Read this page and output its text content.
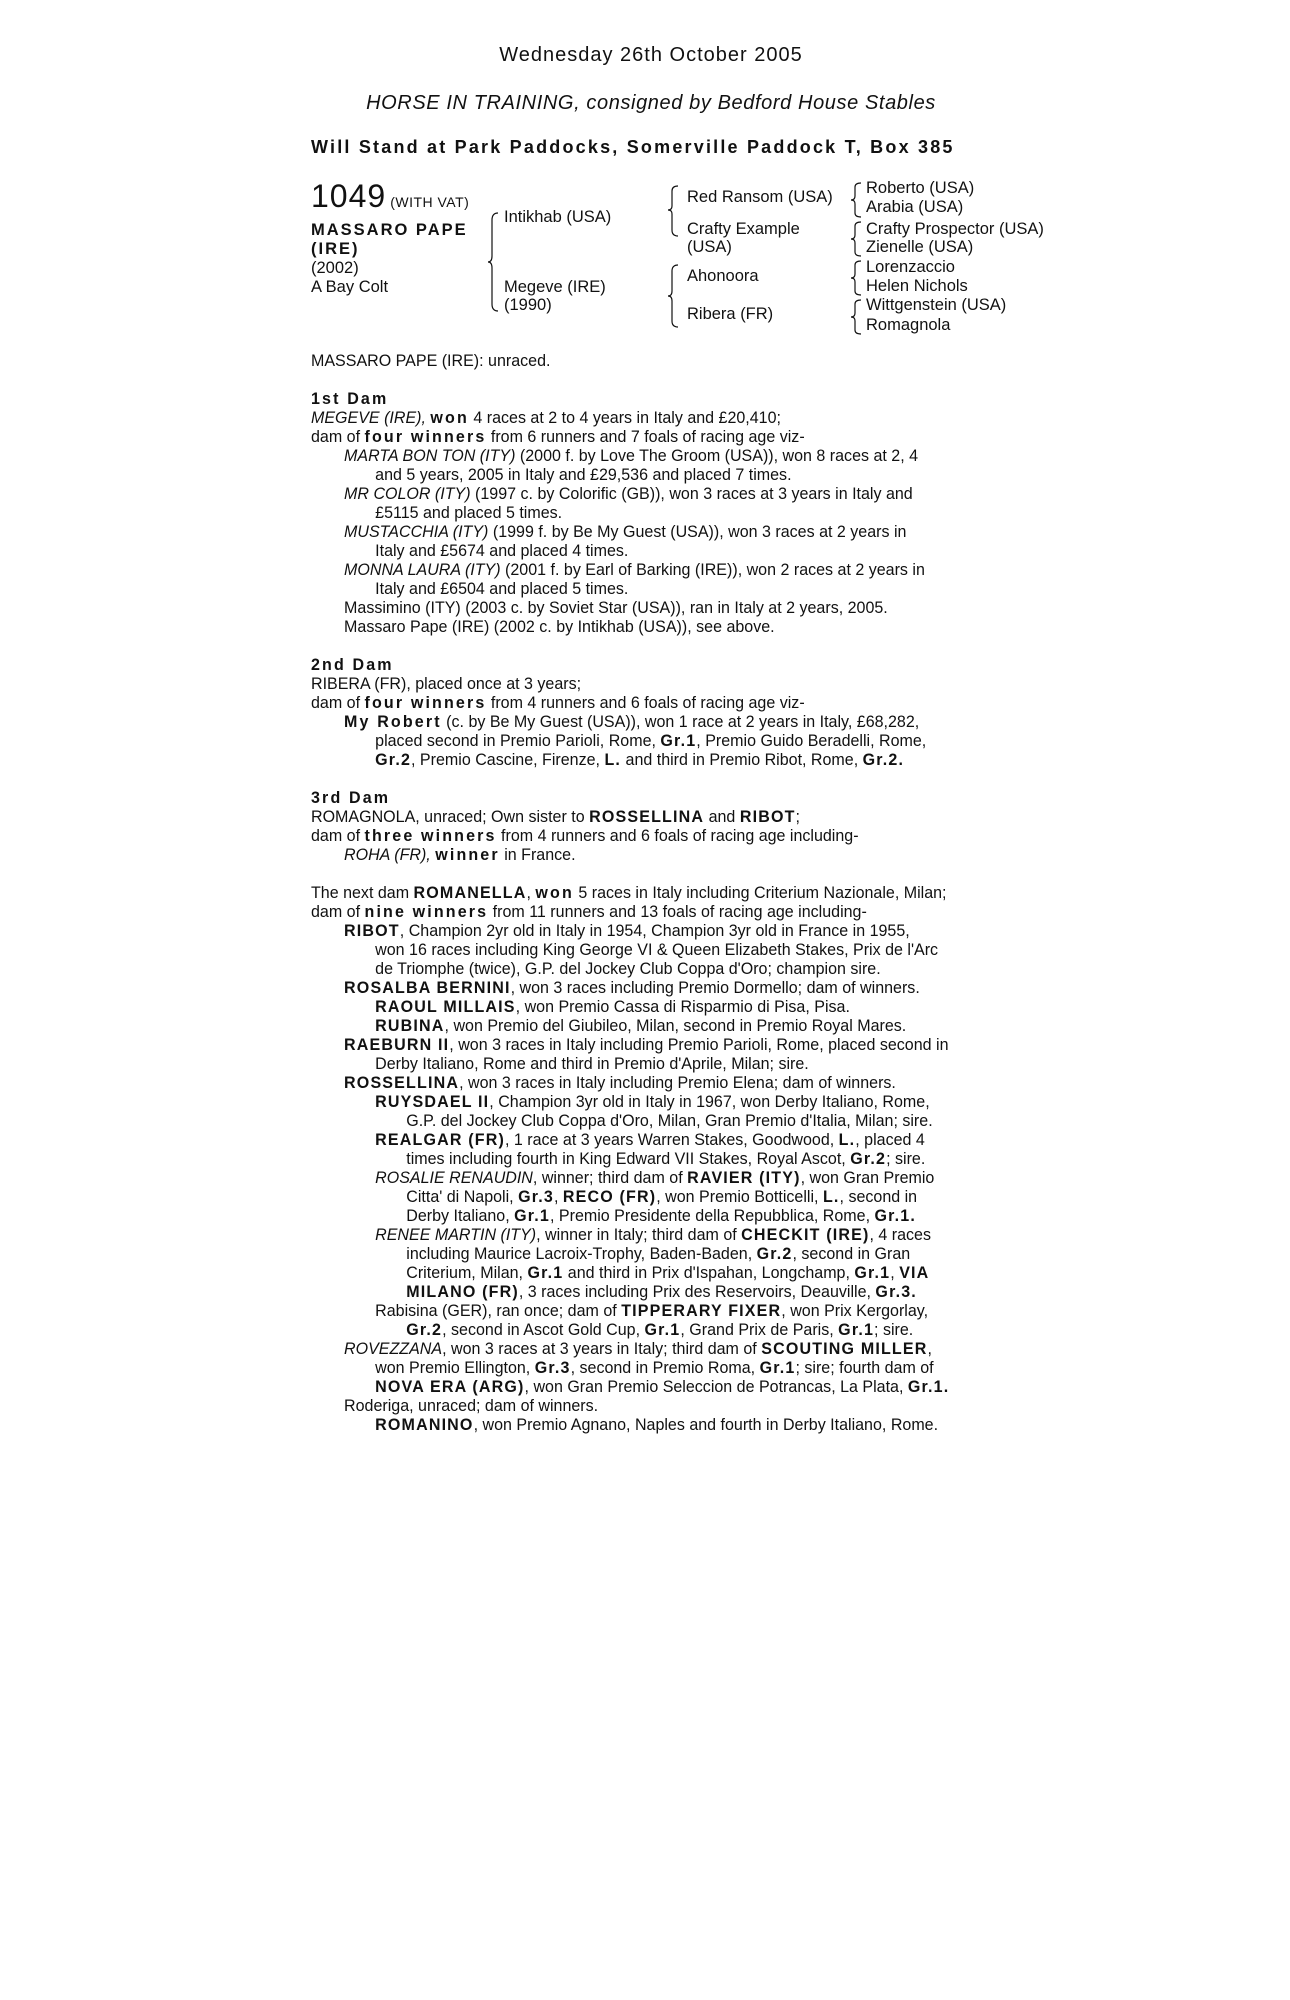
Wednesday 26th October 2005
HORSE IN TRAINING, consigned by Bedford House Stables
Will Stand at Park Paddocks, Somerville Paddock T, Box 385
1049 (WITH VAT)
MASSARO PAPE
(IRE)
(2002)
A Bay Colt
Intikhab (USA)
Megeve (IRE)
(1990)
Red Ransom (USA)
Crafty Example
(USA)
Ahonoora
Ribera (FR)
Roberto (USA)
Arabia (USA)
Crafty Prospector (USA)
Zienelle (USA)
Lorenzaccio
Helen Nichols
Wittgenstein (USA)
Romagnola
MASSARO PAPE (IRE): unraced.
1st Dam
MEGEVE (IRE), won 4 races at 2 to 4 years in Italy and £20,410;
dam of four winners from 6 runners and 7 foals of racing age viz-
MARTA BON TON (ITY) (2000 f. by Love The Groom (USA)), won 8 races at 2, 4
and 5 years, 2005 in Italy and £29,536 and placed 7 times.
MR COLOR (ITY) (1997 c. by Colorific (GB)), won 3 races at 3 years in Italy and
£5115 and placed 5 times.
MUSTACCHIA (ITY) (1999 f. by Be My Guest (USA)), won 3 races at 2 years in
Italy and £5674 and placed 4 times.
MONNA LAURA (ITY) (2001 f. by Earl of Barking (IRE)), won 2 races at 2 years in
Italy and £6504 and placed 5 times.
Massimino (ITY) (2003 c. by Soviet Star (USA)), ran in Italy at 2 years, 2005.
Massaro Pape (IRE) (2002 c. by Intikhab (USA)), see above.
2nd Dam
RIBERA (FR), placed once at 3 years;
dam of four winners from 4 runners and 6 foals of racing age viz-
My Robert (c. by Be My Guest (USA)), won 1 race at 2 years in Italy, £68,282,
placed second in Premio Parioli, Rome, Gr.1, Premio Guido Beradelli, Rome,
Gr.2, Premio Cascine, Firenze, L. and third in Premio Ribot, Rome, Gr.2.
3rd Dam
ROMAGNOLA, unraced; Own sister to ROSSELLINA and RIBOT;
dam of three winners from 4 runners and 6 foals of racing age including-
ROHA (FR), winner in France.
The next dam ROMANELLA, won 5 races in Italy including Criterium Nazionale, Milan;
dam of nine winners from 11 runners and 13 foals of racing age including-
RIBOT, Champion 2yr old in Italy in 1954, Champion 3yr old in France in 1955,
won 16 races including King George VI & Queen Elizabeth Stakes, Prix de l'Arc
de Triomphe (twice), G.P. del Jockey Club Coppa d'Oro; champion sire.
ROSALBA BERNINI, won 3 races including Premio Dormello; dam of winners.
RAOUL MILLAIS, won Premio Cassa di Risparmio di Pisa, Pisa.
RUBINA, won Premio del Giubileo, Milan, second in Premio Royal Mares.
RAEBURN II, won 3 races in Italy including Premio Parioli, Rome, placed second in
Derby Italiano, Rome and third in Premio d'Aprile, Milan; sire.
ROSSELLINA, won 3 races in Italy including Premio Elena; dam of winners.
RUYSDAEL II, Champion 3yr old in Italy in 1967, won Derby Italiano, Rome,
G.P. del Jockey Club Coppa d'Oro, Milan, Gran Premio d'Italia, Milan; sire.
REALGAR (FR), 1 race at 3 years Warren Stakes, Goodwood, L., placed 4
times including fourth in King Edward VII Stakes, Royal Ascot, Gr.2; sire.
ROSALIE RENAUDIN, winner; third dam of RAVIER (ITY), won Gran Premio
Citta' di Napoli, Gr.3, RECO (FR), won Premio Botticelli, L., second in
Derby Italiano, Gr.1, Premio Presidente della Repubblica, Rome, Gr.1.
RENEE MARTIN (ITY), winner in Italy; third dam of CHECKIT (IRE), 4 races
including Maurice Lacroix-Trophy, Baden-Baden, Gr.2, second in Gran
Criterium, Milan, Gr.1 and third in Prix d'Ispahan, Longchamp, Gr.1, VIA
MILANO (FR), 3 races including Prix des Reservoirs, Deauville, Gr.3.
Rabisina (GER), ran once; dam of TIPPERARY FIXER, won Prix Kergorlay,
Gr.2, second in Ascot Gold Cup, Gr.1, Grand Prix de Paris, Gr.1; sire.
ROVEZZANA, won 3 races at 3 years in Italy; third dam of SCOUTING MILLER,
won Premio Ellington, Gr.3, second in Premio Roma, Gr.1; sire; fourth dam of
NOVA ERA (ARG), won Gran Premio Seleccion de Potrancas, La Plata, Gr.1.
Roderiga, unraced; dam of winners.
ROMANINO, won Premio Agnano, Naples and fourth in Derby Italiano, Rome.
